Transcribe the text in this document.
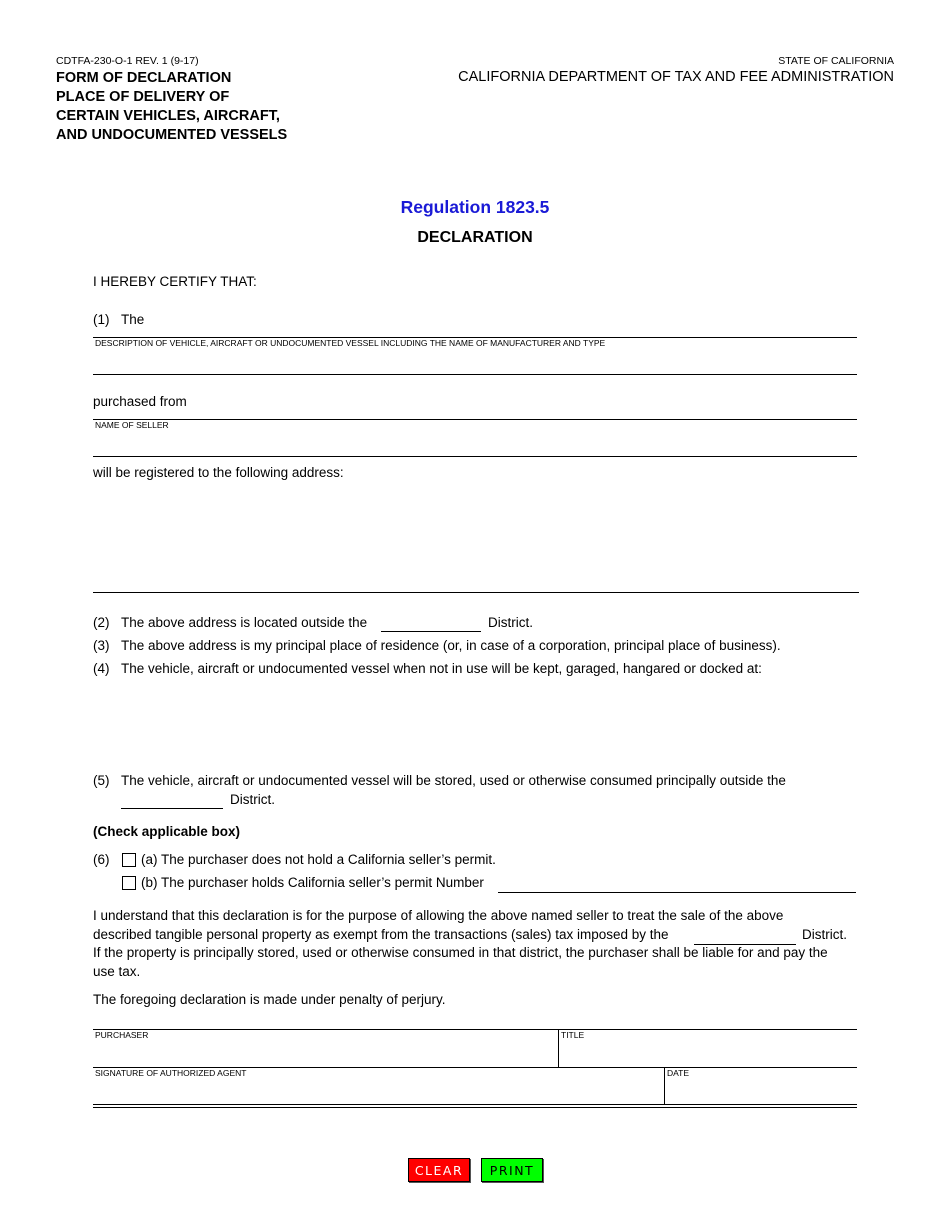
CDTFA-230-O-1 REV. 1 (9-17)
FORM OF DECLARATION
PLACE OF DELIVERY OF
CERTAIN VEHICLES, AIRCRAFT,
AND UNDOCUMENTED VESSELS
STATE OF CALIFORNIA
CALIFORNIA DEPARTMENT OF TAX AND FEE ADMINISTRATION
Regulation 1823.5
DECLARATION
I HEREBY CERTIFY THAT:
(1) The
DESCRIPTION OF VEHICLE, AIRCRAFT OR UNDOCUMENTED VESSEL INCLUDING THE NAME OF MANUFACTURER AND TYPE
purchased from
NAME OF SELLER
will be registered to the following address:
(2) The above address is located outside the	District.
(3) The above address is my principal place of residence (or, in case of a corporation, principal place of business).
(4) The vehicle, aircraft or undocumented vessel when not in use will be kept, garaged, hangared or docked at:
(5) The vehicle, aircraft or undocumented vessel will be stored, used or otherwise consumed principally outside the
District.
(Check applicable box)
(6) (a) The purchaser does not hold a California seller’s permit.
(b) The purchaser holds California seller’s permit Number
I understand that this declaration is for the purpose of allowing the above named seller to treat the sale of the above
described tangible personal property as exempt from the transactions (sales) tax imposed by the	District.
If the property is principally stored, used or otherwise consumed in that district, the purchaser shall be liable for and pay the
use tax.
The foregoing declaration is made under penalty of perjury.
PURCHASER	TITLE
SIGNATURE OF AUTHORIZED AGENT	DATE
CLEAR	PRINT
